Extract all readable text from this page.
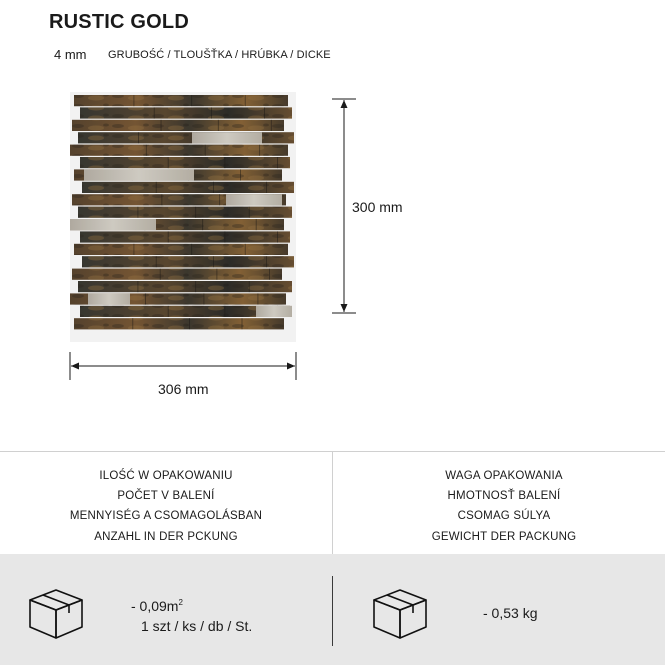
RUSTIC GOLD
4 mm GRUBOŚĆ / TLOUŠŤKA / HRÚBKA / DICKE
300 mm
306 mm
ILOŚĆ W OPAKOWANIU
POČET V BALENÍ
MENNYISÉG A CSOMAGOLÁSBAN
ANZAHL IN DER PCKUNG
WAGA OPAKOWANIA
HMOTNOSŤ BALENÍ
CSOMAG SÚLYA
GEWICHT DER PACKUNG
- $0,09m^2$
1 szt / ks / db / St.
- 0,53 kg
